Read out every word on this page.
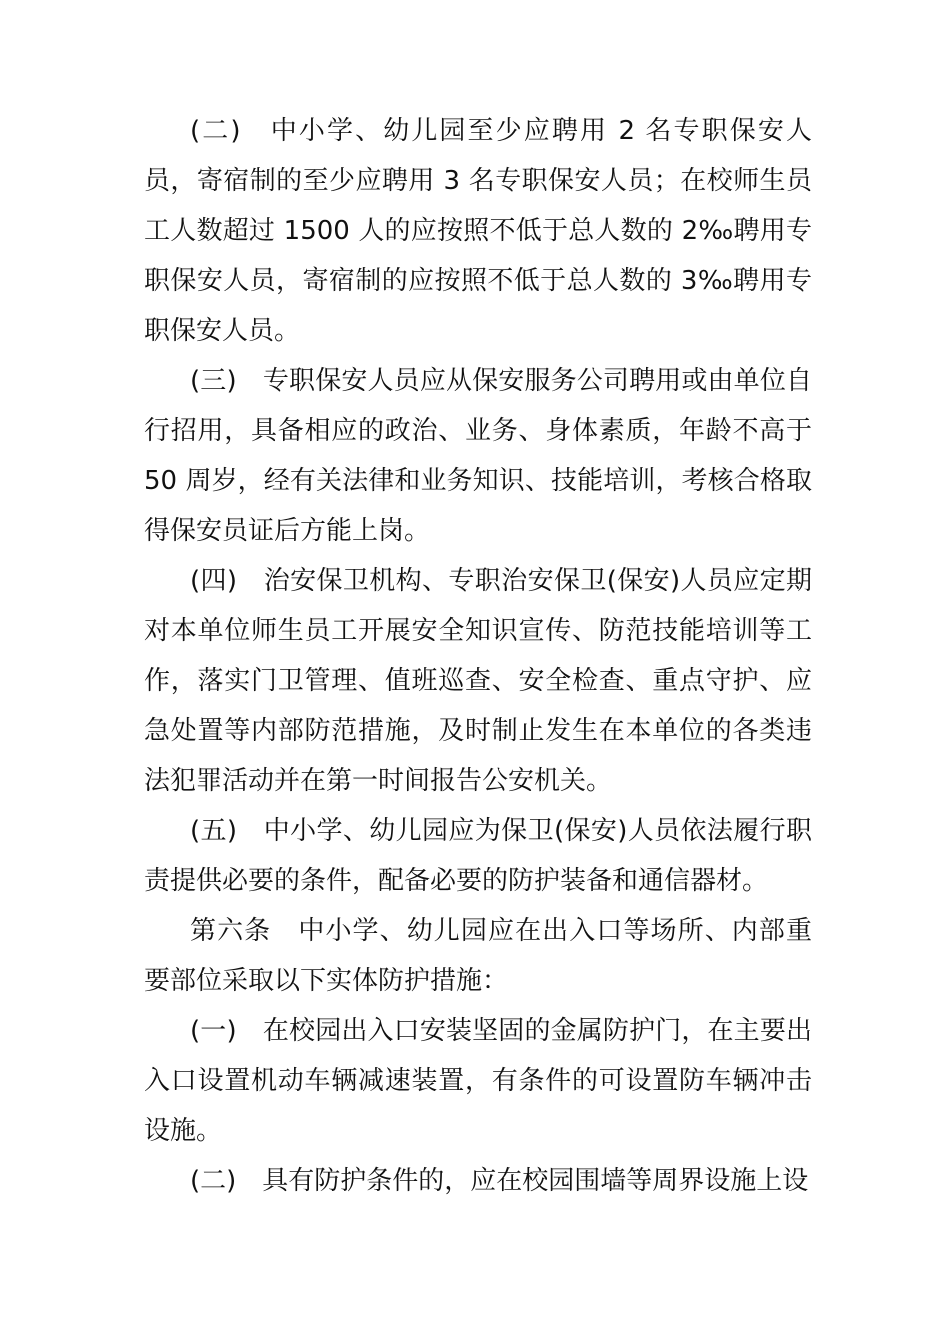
(二)　中小学、幼儿园至少应聘用 2 名专职保安人员，寄宿制的至少应聘用 3 名专职保安人员；在校师生员工人数超过 1500 人的应按照不低于总人数的 2‰聘用专职保安人员，寄宿制的应按照不低于总人数的 3‰聘用专职保安人员。

(三)　专职保安人员应从保安服务公司聘用或由单位自行招用，具备相应的政治、业务、身体素质，年龄不高于 50 周岁，经有关法律和业务知识、技能培训，考核合格取得保安员证后方能上岗。

(四)　治安保卫机构、专职治安保卫(保安)人员应定期对本单位师生员工开展安全知识宣传、防范技能培训等工作，落实门卫管理、值班巡查、安全检查、重点守护、应急处置等内部防范措施，及时制止发生在本单位的各类违法犯罪活动并在第一时间报告公安机关。

(五)　中小学、幼儿园应为保卫(保安)人员依法履行职责提供必要的条件，配备必要的防护装备和通信器材。

第六条　中小学、幼儿园应在出入口等场所、内部重要部位采取以下实体防护措施：

(一)　在校园出入口安装坚固的金属防护门，在主要出入口设置机动车辆减速装置，有条件的可设置防车辆冲击设施。

(二)　具有防护条件的，应在校园围墙等周界设施上设
